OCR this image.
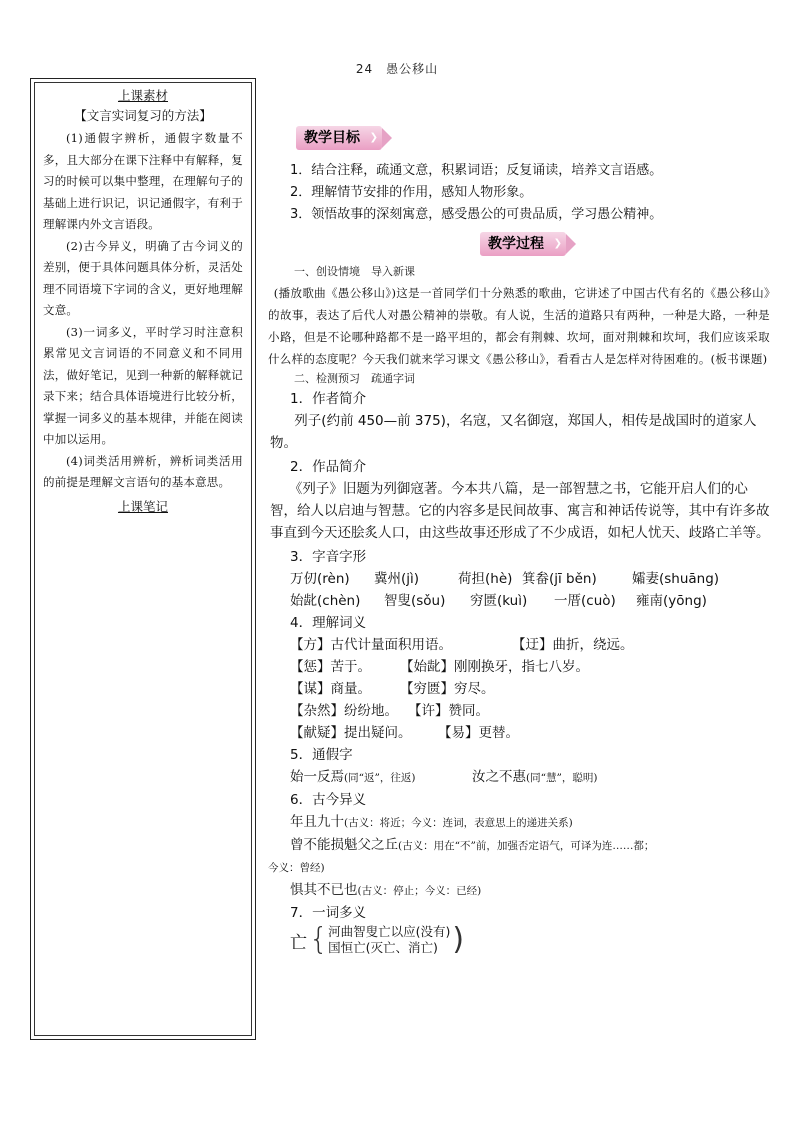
24　愚公移山
上课素材
【文言实词复习的方法】

(1)通假字辨析，通假字数量不多，且大部分在课下注释中有解释，复习的时候可以集中整理，在理解句子的基础上进行识记，识记通假字，有利于理解课内外文言语段。

(2)古今异义，明确了古今词义的差别，便于具体问题具体分析，灵活处理不同语境下字词的含义，更好地理解文意。

(3)一词多义，平时学习时注意积累常见文言词语的不同意义和不同用法，做好笔记，见到一种新的解释就记录下来；结合具体语境进行比较分析，掌握一词多义的基本规律，并能在阅读中加以运用。

(4)词类活用辨析，辨析词类活用的前提是理解文言语句的基本意思。

上课笔记
教学目标 ❯

1．结合注释，疏通文意，积累词语；反复诵读，培养文言语感。

2．理解情节安排的作用，感知人物形象。

3．领悟故事的深刻寓意，感受愚公的可贵品质，学习愚公精神。

教学过程 ❯

一、创设情境　导入新课

(播放歌曲《愚公移山》)这是一首同学们十分熟悉的歌曲，它讲述了中国古代有名的《愚公移山》的故事，表达了后代人对愚公精神的崇敬。有人说，生活的道路只有两种，一种是大路，一种是小路，但是不论哪种路都不是一路平坦的，都会有荆棘、坎坷，面对荆棘和坎坷，我们应该采取什么样的态度呢？今天我们就来学习课文《愚公移山》，看看古人是怎样对待困难的。(板书课题)

二、检测预习　疏通字词

1．作者简介

列子(约前 450—前 375)，名寇，又名御寇，郑国人，相传是战国时的道家人物。

2．作品简介

《列子》旧题为列御寇著。今本共八篇，是一部智慧之书，它能开启人们的心智，给人以启迪与智慧。它的内容多是民间故事、寓言和神话传说等，其中有许多故事直到今天还脍炙人口，由这些故事还形成了不少成语，如杞人忧天、歧路亡羊等。

3．字音字形

万仞(rèn)	冀州(jì)	荷担(hè) 箕畚(jī běn)	孀妻(shuāng)
始龀(chèn)	智叟(sǒu)	穷匮(kuì)	一厝(cuò)	雍南(yōng)

4．理解词义

【方】古代计量面积用语。	【迂】曲折，绕远。
【惩】苦于。	【始龀】刚刚换牙，指七八岁。
【谋】商量。	【穷匮】穷尽。
【杂然】纷纷地。 【许】赞同。
【献疑】提出疑问。	【易】更替。

5．通假字

始一反焉(同“返”，往返)	汝之不惠(同“慧”，聪明)

6．古今异义

年且九十(古义：将近；今义：连词，表意思上的递进关系)

曾不能损魁父之丘(古义：用在“不”前，加强否定语气，可译为连……都；

今义：曾经)

惧其不已也(古义：停止；今义：已经)

7．一词多义

亡 { 河曲智叟亡以应(没有)
国恒亡(灭亡、消亡) )
